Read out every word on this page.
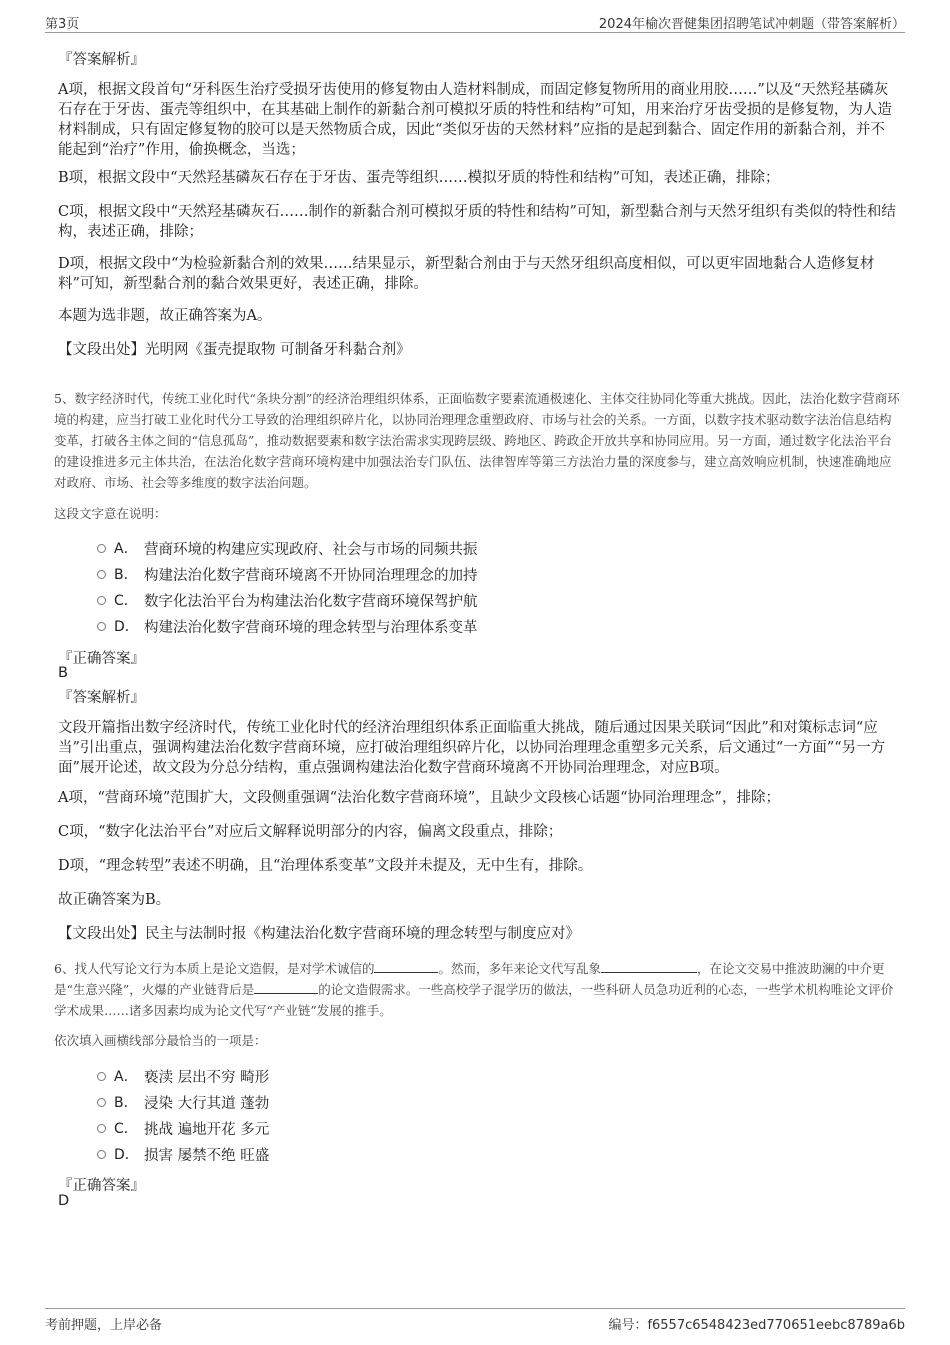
第3页	2024年榆次晋健集团招聘笔试冲刺题（带答案解析）
『答案解析』
A项，根据文段首句“牙科医生治疗受损牙齿使用的修复物由人造材料制成，而固定修复物所用的商业用胶……”以及“天然羟基磷灰石存在于牙齿、蛋壳等组织中，在其基础上制作的新黏合剂可模拟牙质的特性和结构”可知，用来治疗牙齿受损的是修复物，为人造材料制成，只有固定修复物的胶可以是天然物质合成，因此“类似牙齿的天然材料”应指的是起到黏合、固定作用的新黏合剂，并不能起到“治疗”作用，偷换概念，当选；
B项，根据文段中“天然羟基磷灰石存在于牙齿、蛋壳等组织……模拟牙质的特性和结构”可知，表述正确，排除；
C项，根据文段中“天然羟基磷灰石……制作的新黏合剂可模拟牙质的特性和结构”可知，新型黏合剂与天然牙组织有类似的特性和结构，表述正确，排除；
D项，根据文段中“为检验新黏合剂的效果……结果显示，新型黏合剂由于与天然牙组织高度相似，可以更牢固地黏合人造修复材料”可知，新型黏合剂的黏合效果更好，表述正确，排除。
本题为选非题，故正确答案为A。
【文段出处】光明网《蛋壳提取物 可制备牙科黏合剂》
5、数字经济时代，传统工业化时代“条块分割”的经济治理组织体系，正面临数字要素流通极速化、主体交往协同化等重大挑战。因此，法治化数字营商环境的构建，应当打破工业化时代分工导致的治理组织碎片化，以协同治理理念重塑政府、市场与社会的关系。一方面，以数字技术驱动数字法治信息结构变革，打破各主体之间的“信息孤岛”，推动数据要素和数字法治需求实现跨层级、跨地区、跨政企开放共享和协同应用。另一方面，通过数字化法治平台的建设推进多元主体共治，在法治化数字营商环境构建中加强法治专门队伍、法律智库等第三方法治力量的深度参与，建立高效响应机制，快速准确地应对政府、市场、社会等多维度的数字法治问题。
这段文字意在说明：
A． 营商环境的构建应实现政府、社会与市场的同频共振
B． 构建法治化数字营商环境离不开协同治理理念的加持
C． 数字化法治平台为构建法治化数字营商环境保驾护航
D． 构建法治化数字营商环境的理念转型与治理体系变革
『正确答案』
B
『答案解析』
文段开篇指出数字经济时代，传统工业化时代的经济治理组织体系正面临重大挑战，随后通过因果关联词“因此”和对策标志词“应当”引出重点，强调构建法治化数字营商环境，应打破治理组织碎片化，以协同治理理念重塑多元关系，后文通过“一方面”“另一方面”展开论述，故文段为分总分结构，重点强调构建法治化数字营商环境离不开协同治理理念，对应B项。
A项，“营商环境”范围扩大，文段侧重强调“法治化数字营商环境”，且缺少文段核心话题“协同治理理念”，排除；
C项，“数字化法治平台”对应后文解释说明部分的内容，偏离文段重点，排除；
D项，“理念转型”表述不明确，且“治理体系变革”文段并未提及，无中生有，排除。
故正确答案为B。
【文段出处】民主与法制时报《构建法治化数字营商环境的理念转型与制度应对》
6、找人代写论文行为本质上是论文造假，是对学术诚信的	。然而，多年来论文代写乱象	，在论文交易中推波助澜的中介更是“生意兴隆”，火爆的产业链背后是	的论文造假需求。一些高校学子混学历的做法，一些科研人员急功近利的心态，一些学术机构唯论文评价学术成果……诸多因素均成为论文代写“产业链”发展的推手。
依次填入画横线部分最恰当的一项是：
A． 亵渎 层出不穷 畸形
B． 浸染 大行其道 蓬勃
C． 挑战 遍地开花 多元
D． 损害 屡禁不绝 旺盛
『正确答案』
D
考前押题，上岸必备	编号：f6557c6548423ed770651eebc8789a6b
